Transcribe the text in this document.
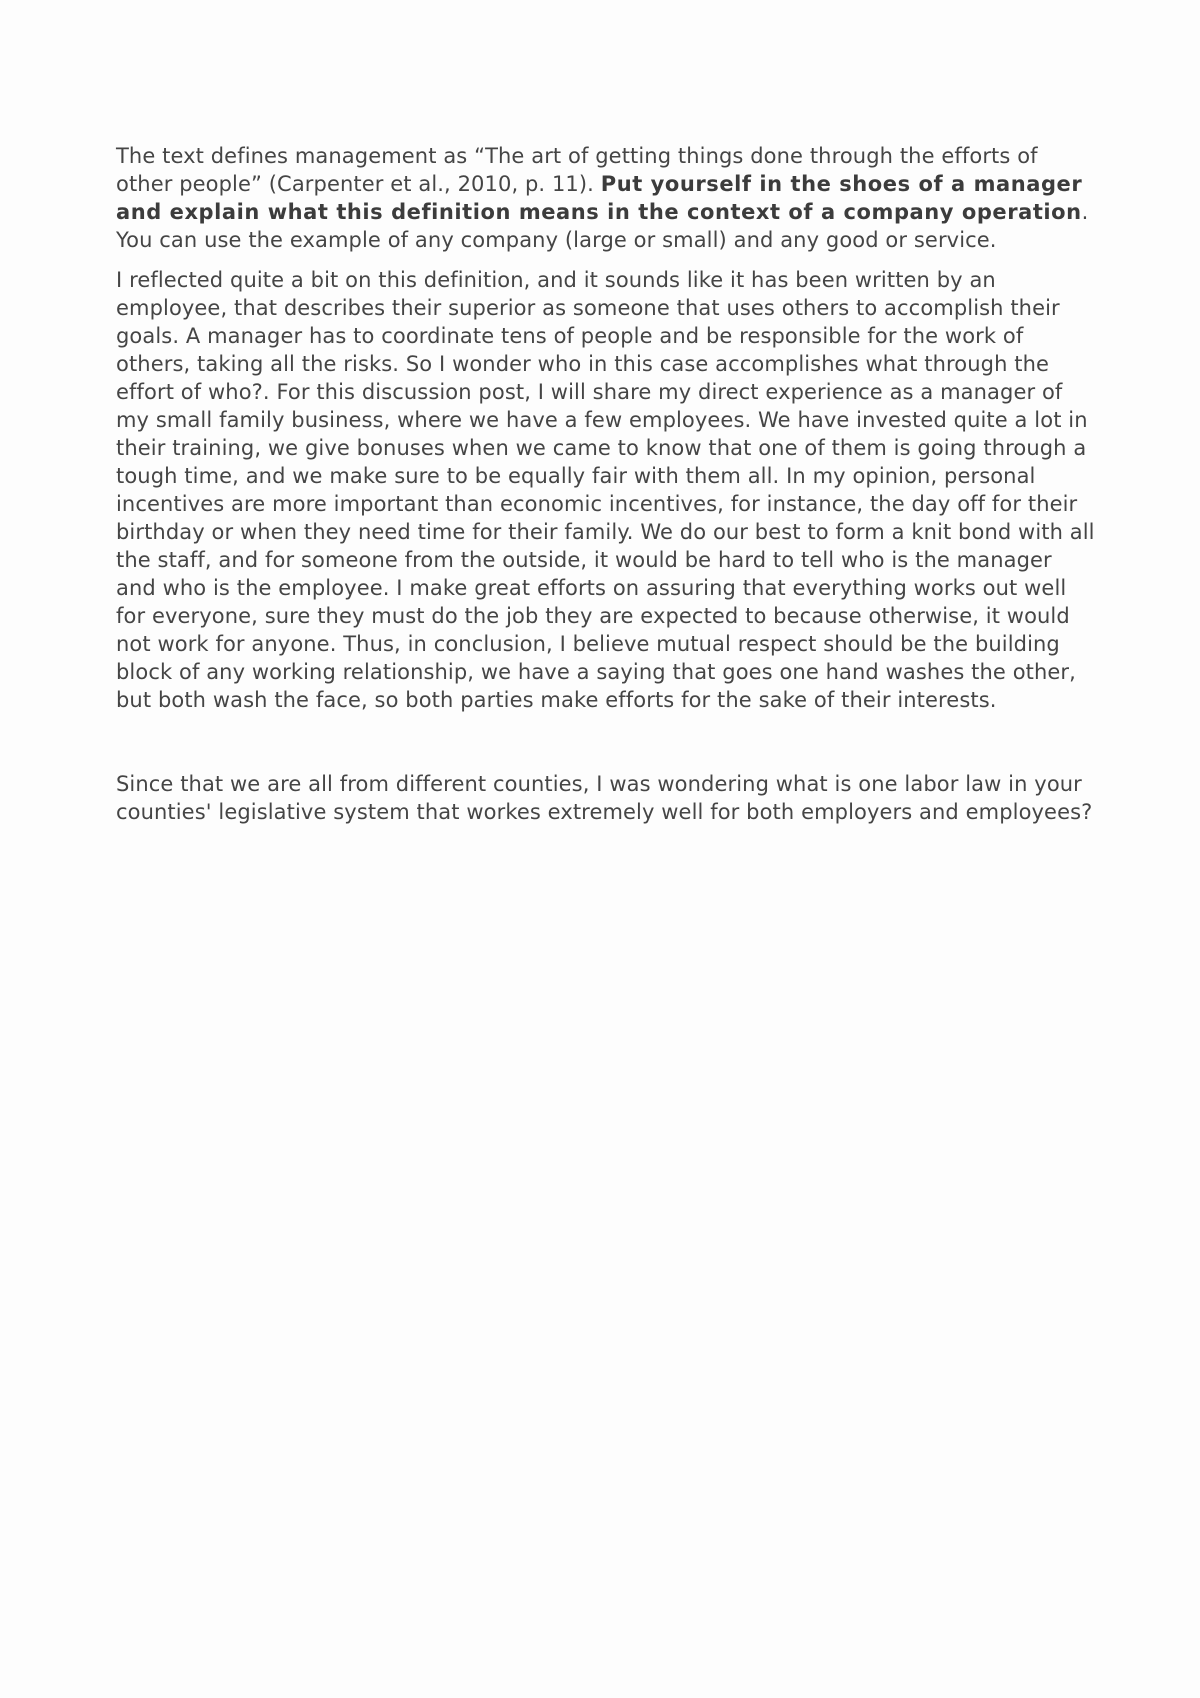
The text defines management as “The art of getting things done through the efforts of other people” (Carpenter et al., 2010, p. 11). Put yourself in the shoes of a manager and explain what this definition means in the context of a company operation. You can use the example of any company (large or small) and any good or service.

I reflected quite a bit on this definition, and it sounds like it has been written by an employee, that describes their superior as someone that uses others to accomplish their goals. A manager has to coordinate tens of people and be responsible for the work of others, taking all the risks. So I wonder who in this case accomplishes what through the effort of who?. For this discussion post, I will share my direct experience as a manager of my small family business, where we have a few employees. We have invested quite a lot in their training, we give bonuses when we came to know that one of them is going through a tough time, and we make sure to be equally fair with them all. In my opinion, personal incentives are more important than economic incentives, for instance, the day off for their birthday or when they need time for their family. We do our best to form a knit bond with all the staff, and for someone from the outside, it would be hard to tell who is the manager and who is the employee. I make great efforts on assuring that everything works out well for everyone, sure they must do the job they are expected to because otherwise, it would not work for anyone. Thus, in conclusion, I believe mutual respect should be the building block of any working relationship, we have a saying that goes one hand washes the other, but both wash the face, so both parties make efforts for the sake of their interests.

Since that we are all from different counties, I was wondering what is one labor law in your counties' legislative system that workes extremely well for both employers and employees?
